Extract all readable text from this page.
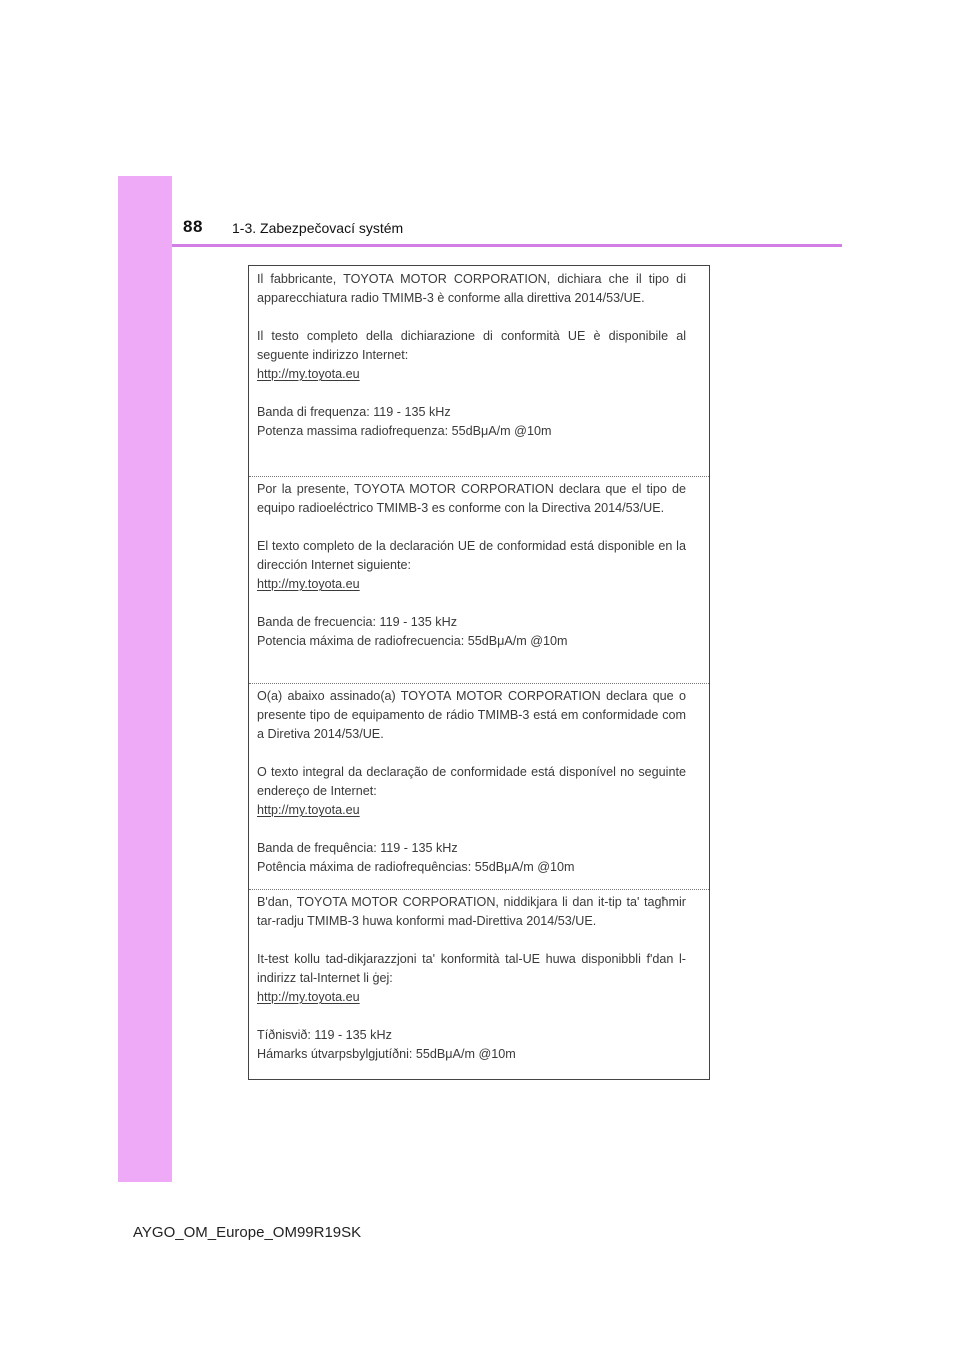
88 1-3. Zabezpečovací systém

Il fabbricante, TOYOTA MOTOR CORPORATION, dichiara che il tipo di apparecchiatura radio TMIMB-3 è conforme alla direttiva 2014/53/UE.

Il testo completo della dichiarazione di conformità UE è disponibile al seguente indirizzo Internet:

http://my.toyota.eu

Banda di frequenza: 119 - 135 kHz

Potenza massima radiofrequenza: 55dBμA/m @10m

Por la presente, TOYOTA MOTOR CORPORATION declara que el tipo de equipo radioeléctrico TMIMB-3 es conforme con la Directiva 2014/53/UE.

El texto completo de la declaración UE de conformidad está disponible en la dirección Internet siguiente:

http://my.toyota.eu

Banda de frecuencia: 119 - 135 kHz

Potencia máxima de radiofrecuencia: 55dBμA/m @10m

O(a) abaixo assinado(a) TOYOTA MOTOR CORPORATION declara que o presente tipo de equipamento de rádio TMIMB-3 está em conformidade com a Diretiva 2014/53/UE.

O texto integral da declaração de conformidade está disponível no seguinte endereço de Internet:

http://my.toyota.eu

Banda de frequência: 119 - 135 kHz

Potência máxima de radiofrequências: 55dBμA/m @10m

B'dan, TOYOTA MOTOR CORPORATION, niddikjara li dan it-tip ta' tagħmir tar-radju TMIMB-3 huwa konformi mad-Direttiva 2014/53/UE.

It-test kollu tad-dikjarazzjoni ta' konformità tal-UE huwa disponibbli f'dan l-indirizz tal-Internet li ġej:

http://my.toyota.eu

Tíðnisvið: 119 - 135 kHz

Hámarks útvarpsbylgjutíðni: 55dBμA/m @10m

AYGO_OM_Europe_OM99R19SK
